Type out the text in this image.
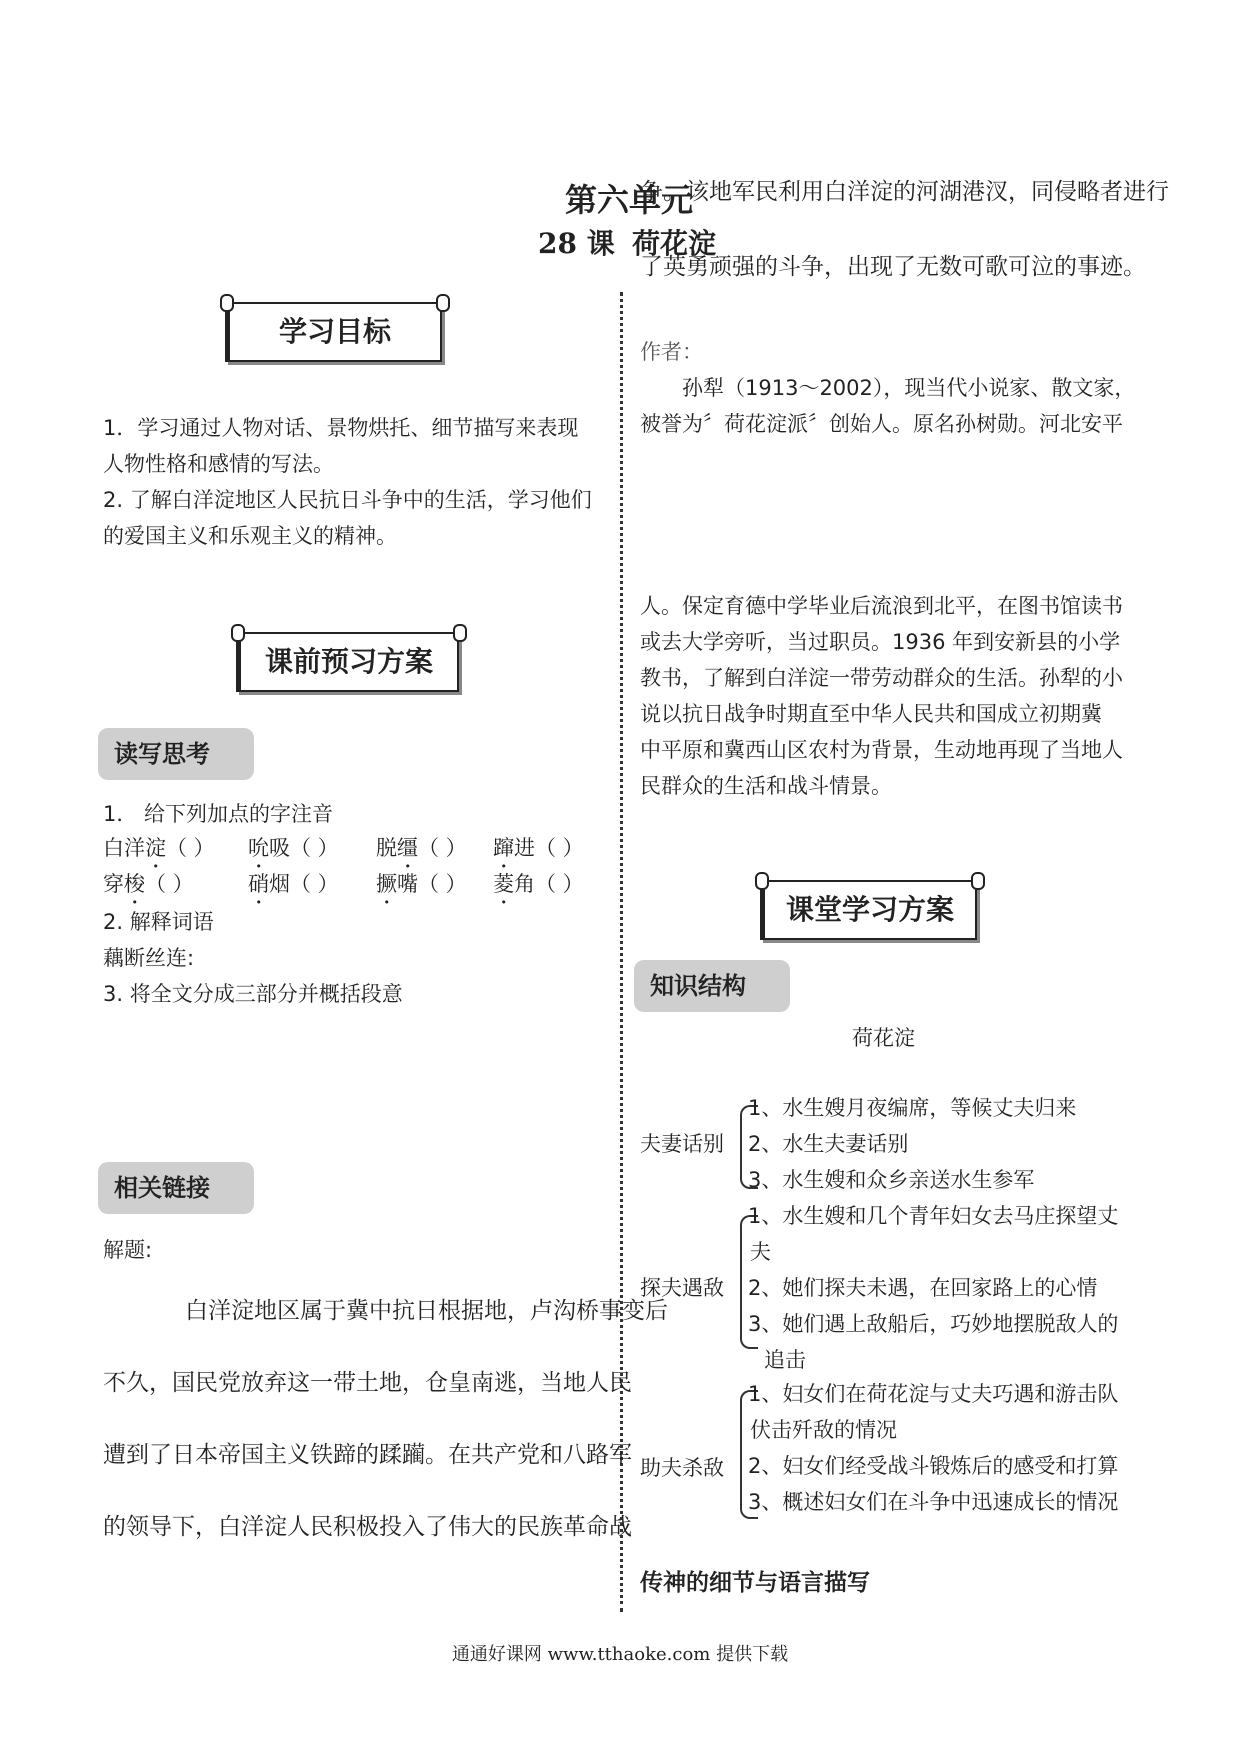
第六单元
28 课 荷花淀
学习目标
1．学习通过人物对话、景物烘托、细节描写来表现
人物性格和感情的写法。
2. 了解白洋淀地区人民抗日斗争中的生活，学习他们
的爱国主义和乐观主义的精神。
课前预习方案
读写思考
1． 给下列加点的字注音
白洋淀（ ） 吮吸（ ） 脱缰（ ） 蹿进（ ）
穿梭（ ）	硝烟（ ） 撅嘴（ ） 菱角（ ）
2. 解释词语
藕断丝连:
3. 将全文分成三部分并概括段意
相关链接
解题:
白洋淀地区属于冀中抗日根据地，卢沟桥事变后
不久，国民党放弃这一带土地，仓皇南逃，当地人民
遭到了日本帝国主义铁蹄的蹂躏。在共产党和八路军
的领导下，白洋淀人民积极投入了伟大的民族革命战
争。该地军民利用白洋淀的河湖港汊，同侵略者进行
了英勇顽强的斗争，出现了无数可歌可泣的事迹。
作者：
孙犁（1913～2002），现当代小说家、散文家，
被誉为〞荷花淀派〞创始人。原名孙树勋。河北安平
人。保定育德中学毕业后流浪到北平，在图书馆读书
或去大学旁听，当过职员。1936 年到安新县的小学
教书，了解到白洋淀一带劳动群众的生活。孙犁的小
说以抗日战争时期直至中华人民共和国成立初期冀
中平原和冀西山区农村为背景，生动地再现了当地人
民群众的生活和战斗情景。
课堂学习方案
知识结构
荷花淀
夫妻话别
1、水生嫂月夜编席，等候丈夫归来
2、水生夫妻话别
3、水生嫂和众乡亲送水生参军
探夫遇敌
1、水生嫂和几个青年妇女去马庄探望丈
夫
2、她们探夫未遇，在回家路上的心情
3、她们遇上敌船后，巧妙地摆脱敌人的
追击
助夫杀敌
1、妇女们在荷花淀与丈夫巧遇和游击队
伏击歼敌的情况
2、妇女们经受战斗锻炼后的感受和打算
3、概述妇女们在斗争中迅速成长的情况
传神的细节与语言描写
通通好课网 www.tthaoke.com 提供下载
